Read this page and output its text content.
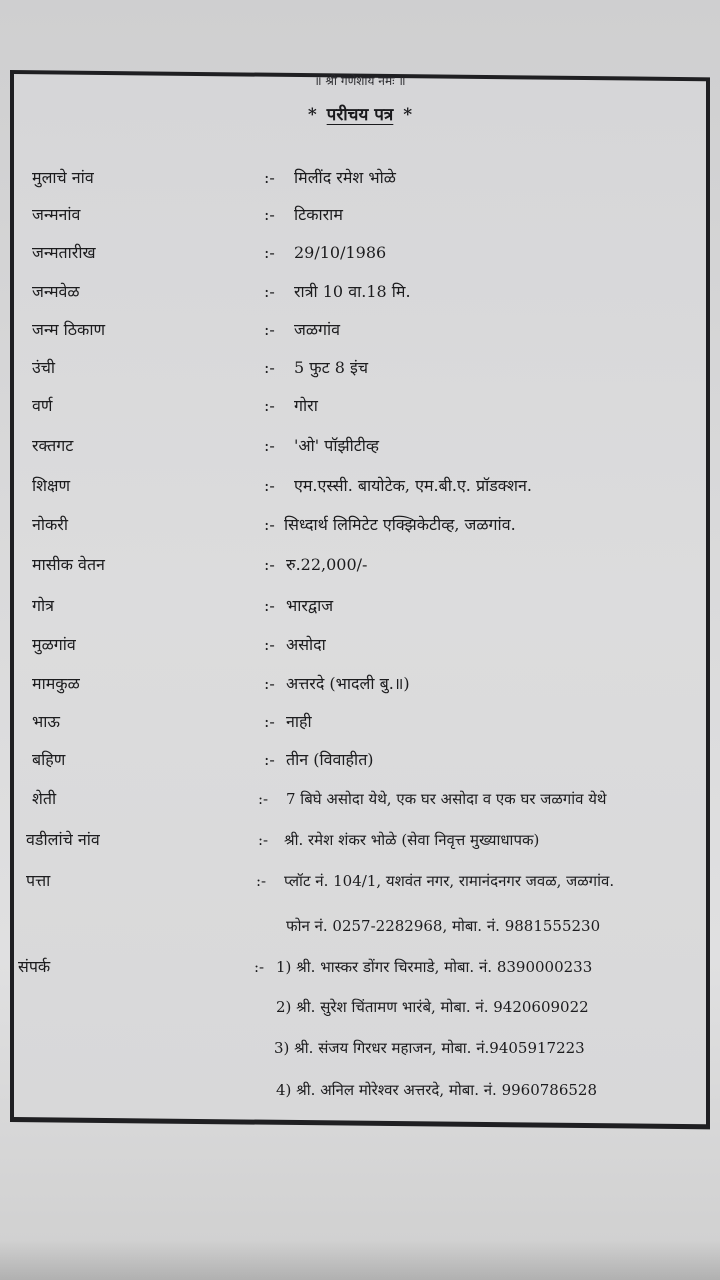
॥ श्री गणेशाय नमः ॥
* परीचय पत्र *
मुलाचे नांव	:- मिलींद रमेश भोळे
जन्मनांव	:- टिकाराम
जन्मतारीख	:- 29/10/1986
जन्मवेळ	:- रात्री 10 वा.18 मि.
जन्म ठिकाण	:- जळगांव
उंची	:- 5 फुट 8 इंच
वर्ण	:- गोरा
रक्तगट	:- 'ओ' पॉझीटीव्ह
शिक्षण	:- एम.एस्सी. बायोटेक, एम.बी.ए. प्रॉडक्शन.
नोकरी	:- सिध्दार्थ लिमिटेट एक्झिकेटीव्ह, जळगांव.
मासीक वेतन	:- रु.22,000/-
गोत्र	:- भारद्वाज
मुळगांव	:- असोदा
मामकुळ	:- अत्तरदे (भादली बु.॥)
भाऊ	:- नाही
बहिण	:- तीन (विवाहीत)
शेती	:- 7 बिघे असोदा येथे, एक घर असोदा व एक घर जळगांव येथे
वडीलांचे नांव	:- श्री. रमेश शंकर भोळे (सेवा निवृत्त मुख्याधापक)
पत्ता	:- प्लॉट नं. 104/1, यशवंत नगर, रामानंदनगर जवळ, जळगांव.
फोन नं. 0257-2282968, मोबा. नं. 9881555230
संपर्क	:- 1) श्री. भास्कर डोंगर चिरमाडे, मोबा. नं. 8390000233
2) श्री. सुरेश चिंतामण भारंबे, मोबा. नं. 9420609022
3) श्री. संजय गिरधर महाजन, मोबा. नं.9405917223
4) श्री. अनिल मोरेश्वर अत्तरदे, मोबा. नं. 9960786528
